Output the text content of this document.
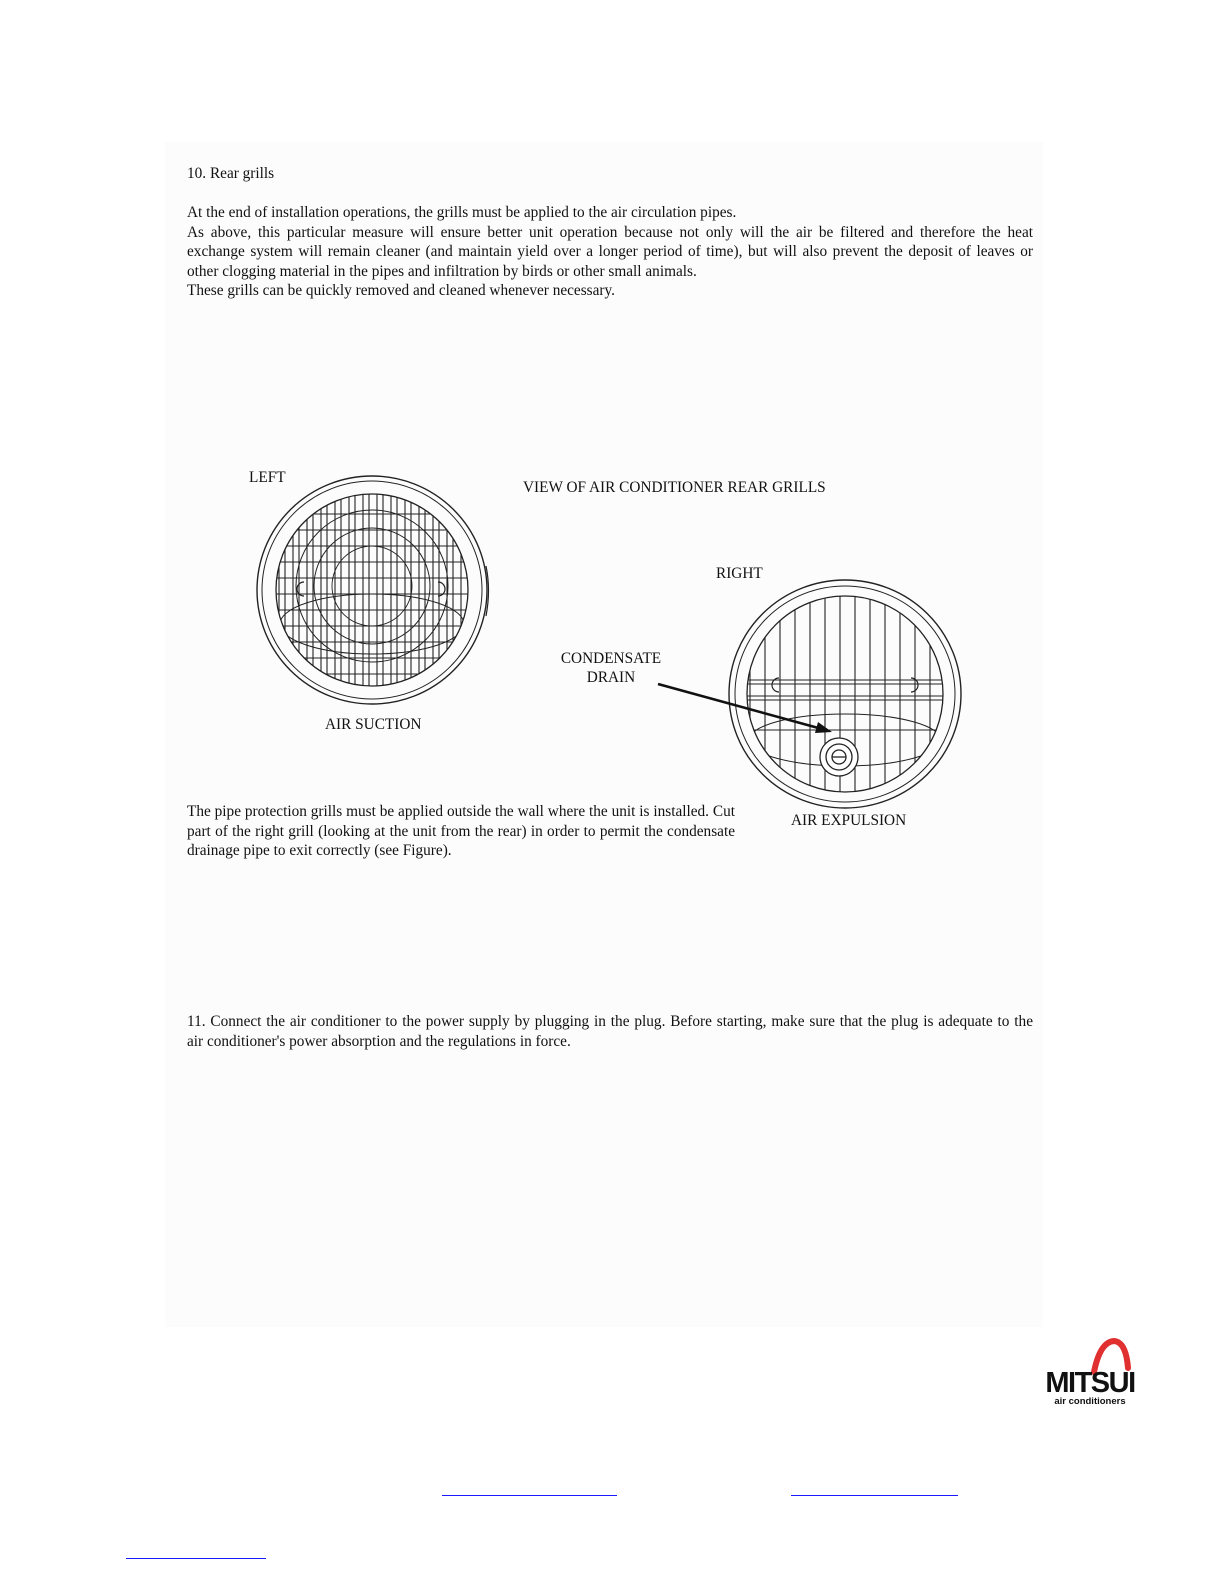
10. Rear grills

At the end of installation operations, the grills must be applied to the air circulation pipes.
As above, this particular measure will ensure better unit operation because not only will the air be filtered and therefore the heat
exchange system will remain cleaner (and maintain yield over a longer period of time), but will also prevent the deposit of leaves or
other clogging material in the pipes and infiltration by birds or other small animals.
These grills can be quickly removed and cleaned whenever necessary.

LEFT

VIEW OF AIR CONDITIONER REAR GRILLS

RIGHT

CONDENSATE

DRAIN

AIR SUCTION

AIR EXPULSION

The pipe protection grills must be applied outside the wall where the unit is installed. Cut
part of the right grill (looking at the unit from the rear) in order to permit the condensate
drainage pipe to exit correctly (see Figure).
11. Connect the air conditioner to the power supply by plugging in the plug. Before starting, make sure that the plug is adequate to the
air conditioner's power absorption and the regulations in force.
MITSUI
air conditioners
